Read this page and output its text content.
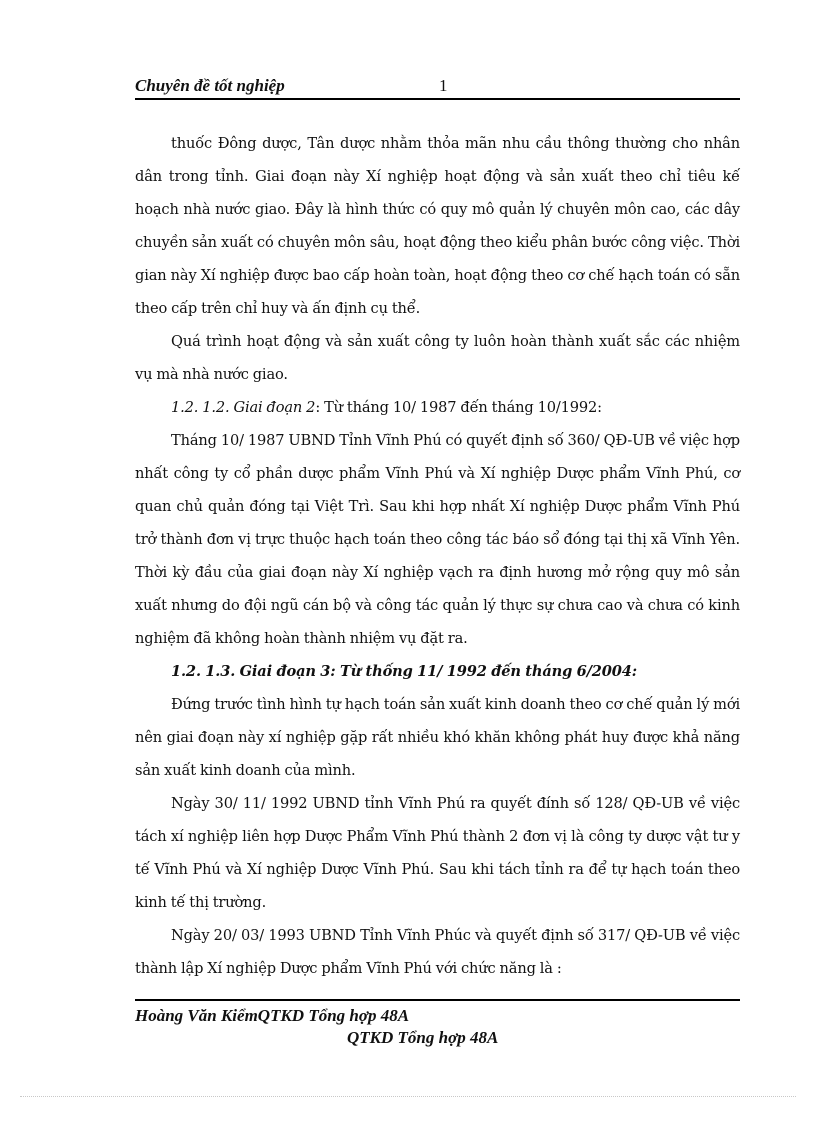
Chuyên đề tốt nghiệp	1

thuốc Đông dược, Tân dược nhằm thỏa mãn nhu cầu thông thường cho nhân dân trong tỉnh. Giai đoạn này Xí nghiệp hoạt động và sản xuất theo chỉ tiêu kế hoạch nhà nước giao. Đây là hình thức có quy mô quản lý chuyên môn cao, các dây chuyền sản xuất có chuyên môn sâu, hoạt động theo kiểu phân bước công việc. Thời gian này Xí nghiệp được bao cấp hoàn toàn, hoạt động theo cơ chế hạch toán có sẵn theo cấp trên chỉ huy và ấn định cụ thể.

Quá trình hoạt động và sản xuất công ty luôn hoàn thành xuất sắc các nhiệm vụ mà nhà nước giao.

1.2. 1.2. Giai đoạn 2: Từ tháng 10/ 1987 đến tháng 10/1992:

Tháng 10/ 1987 UBND Tỉnh Vĩnh Phú có quyết định số 360/ QĐ-UB về việc hợp nhất công ty cổ phần dược phẩm Vĩnh Phú và Xí nghiệp Dược phẩm Vĩnh Phú, cơ quan chủ quản đóng tại Việt Trì. Sau khi hợp nhất Xí nghiệp Dược phẩm Vĩnh Phú trở thành đơn vị trực thuộc hạch toán theo công tác báo sổ đóng tại thị xã Vĩnh Yên. Thời kỳ đầu của giai đoạn này Xí nghiệp vạch ra định hương mở rộng quy mô sản xuất nhưng do đội ngũ cán bộ và công tác quản lý thực sự chưa cao và chưa có kinh nghiệm đã không hoàn thành nhiệm vụ đặt ra.

1.2. 1.3. Giai đoạn 3: Từ thống 11/ 1992 đến tháng 6/2004:

Đứng trước tình hình tự hạch toán sản xuất kinh doanh theo cơ chế quản lý mới nên giai đoạn này xí nghiệp gặp rất nhiều khó khăn không phát huy được khả năng sản xuất kinh doanh của mình.

Ngày 30/ 11/ 1992 UBND tỉnh Vĩnh Phú ra quyết đính số 128/ QĐ-UB về việc tách xí nghiệp liên hợp Dược Phẩm Vĩnh Phú thành 2 đơn vị là công ty dược vật tư y tế Vĩnh Phú và Xí nghiệp Dược Vĩnh Phú. Sau khi tách tỉnh ra để tự hạch toán theo kinh tế thị trường.

Ngày 20/ 03/ 1993 UBND Tỉnh Vĩnh Phúc và quyết định số 317/ QĐ-UB về việc thành lập Xí nghiệp Dược phẩm Vĩnh Phú với chức năng là :

Hoàng Văn KiểmQTKD Tổng hợp 48A
QTKD Tổng hợp 48A
